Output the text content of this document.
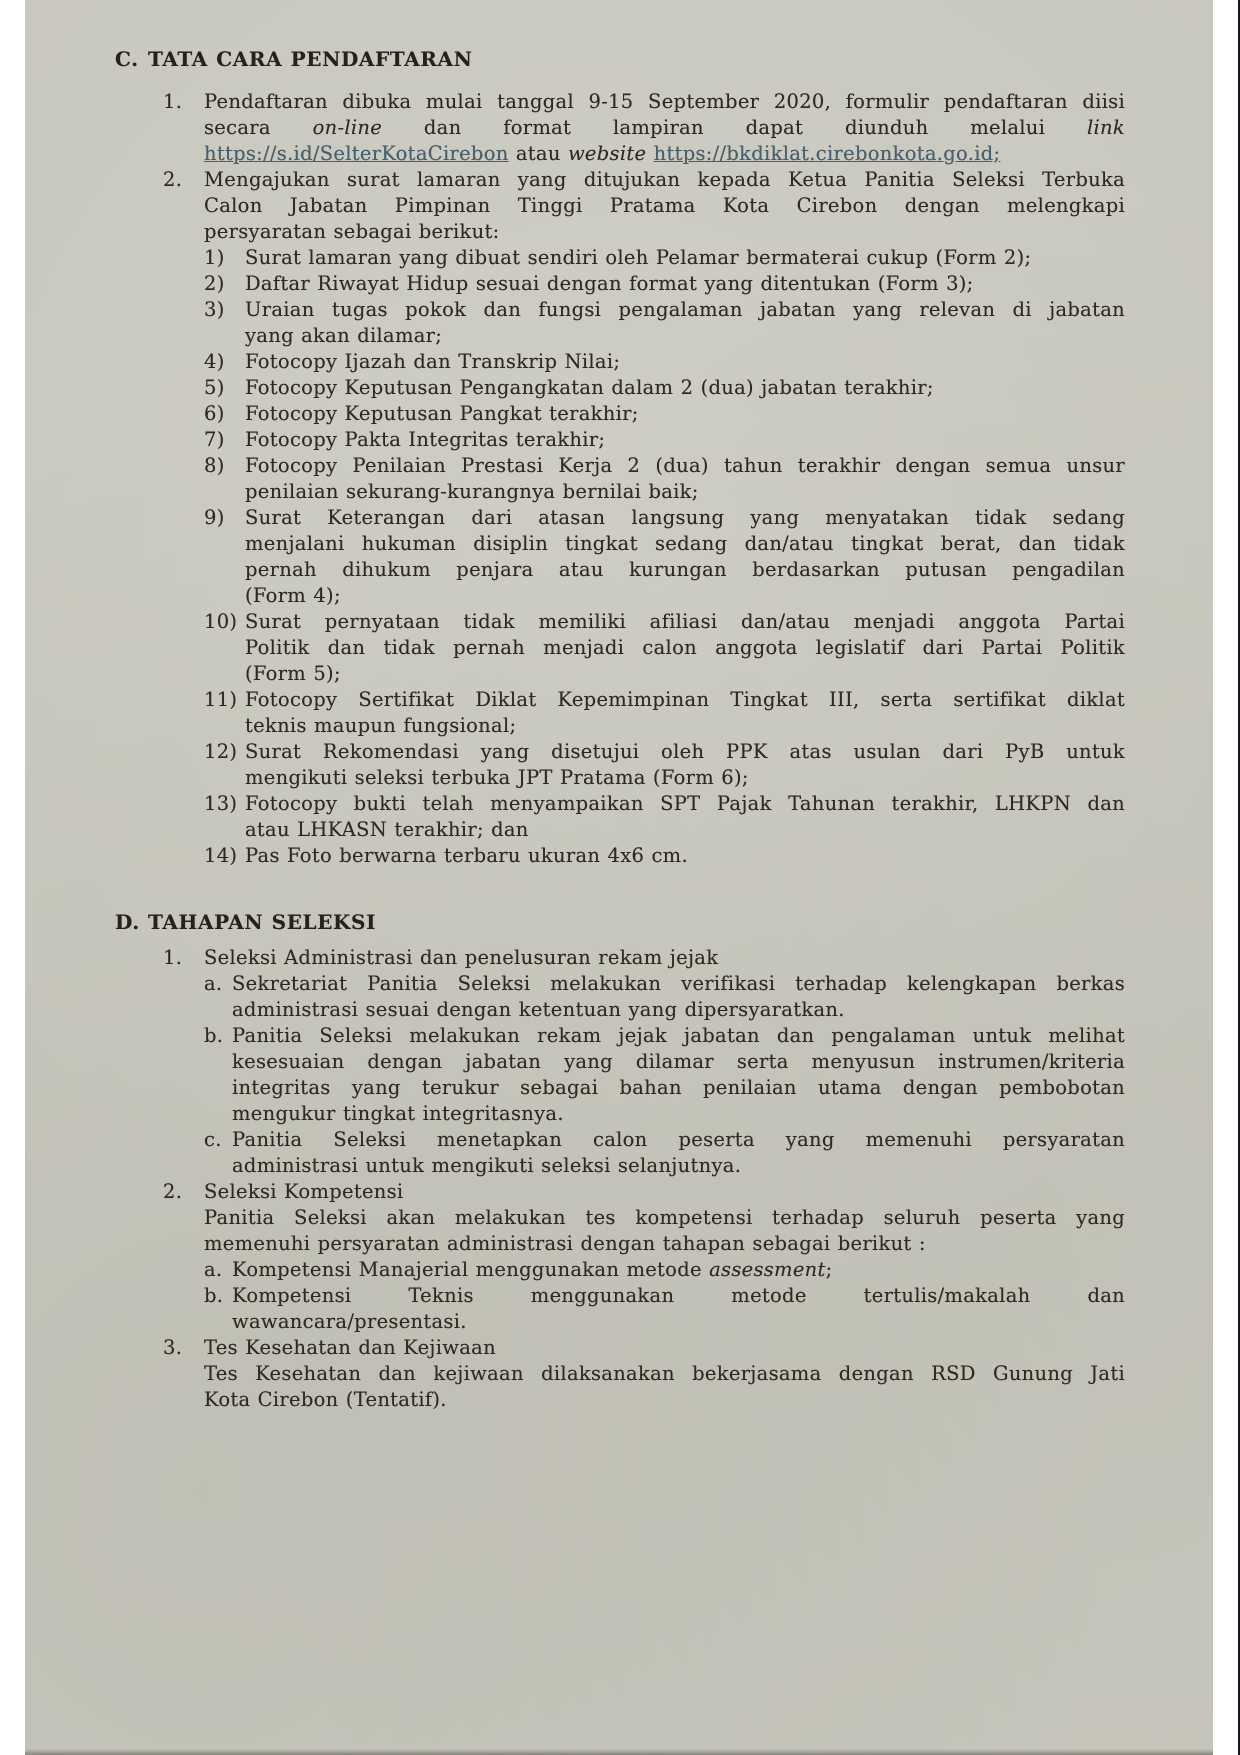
C. TATA CARA PENDAFTARAN
1.	Pendaftaran dibuka mulai tanggal 9-15 September 2020, formulir pendaftaran diisi
secara on-line dan format lampiran dapat diunduh melalui link
https://s.id/SelterKotaCirebon atau website https://bkdiklat.cirebonkota.go.id;
2.	Mengajukan surat lamaran yang ditujukan kepada Ketua Panitia Seleksi Terbuka
Calon Jabatan Pimpinan Tinggi Pratama Kota Cirebon dengan melengkapi
persyaratan sebagai berikut:
1)	Surat lamaran yang dibuat sendiri oleh Pelamar bermaterai cukup (Form 2);
2)	Daftar Riwayat Hidup sesuai dengan format yang ditentukan (Form 3);
3)	Uraian tugas pokok dan fungsi pengalaman jabatan yang relevan di jabatan
yang akan dilamar;
4)	Fotocopy Ijazah dan Transkrip Nilai;
5)	Fotocopy Keputusan Pengangkatan dalam 2 (dua) jabatan terakhir;
6)	Fotocopy Keputusan Pangkat terakhir;
7)	Fotocopy Pakta Integritas terakhir;
8)	Fotocopy Penilaian Prestasi Kerja 2 (dua) tahun terakhir dengan semua unsur
penilaian sekurang-kurangnya bernilai baik;
9)	Surat Keterangan dari atasan langsung yang menyatakan tidak sedang
menjalani hukuman disiplin tingkat sedang dan/atau tingkat berat, dan tidak
pernah dihukum penjara atau kurungan berdasarkan putusan pengadilan
(Form 4);
10) Surat pernyataan tidak memiliki afiliasi dan/atau menjadi anggota Partai
Politik dan tidak pernah menjadi calon anggota legislatif dari Partai Politik
(Form 5);
11) Fotocopy Sertifikat Diklat Kepemimpinan Tingkat III, serta sertifikat diklat
teknis maupun fungsional;
12) Surat Rekomendasi yang disetujui oleh PPK atas usulan dari PyB untuk
mengikuti seleksi terbuka JPT Pratama (Form 6);
13) Fotocopy bukti telah menyampaikan SPT Pajak Tahunan terakhir, LHKPN dan
atau LHKASN terakhir; dan
14) Pas Foto berwarna terbaru ukuran 4x6 cm.
D. TAHAPAN SELEKSI
1.	Seleksi Administrasi dan penelusuran rekam jejak
a. Sekretariat Panitia Seleksi melakukan verifikasi terhadap kelengkapan berkas
administrasi sesuai dengan ketentuan yang dipersyaratkan.
b. Panitia Seleksi melakukan rekam jejak jabatan dan pengalaman untuk melihat
kesesuaian dengan jabatan yang dilamar serta menyusun instrumen/kriteria
integritas yang terukur sebagai bahan penilaian utama dengan pembobotan
mengukur tingkat integritasnya.
c. Panitia Seleksi menetapkan calon peserta yang memenuhi persyaratan
administrasi untuk mengikuti seleksi selanjutnya.
2.	Seleksi Kompetensi
Panitia Seleksi akan melakukan tes kompetensi terhadap seluruh peserta yang
memenuhi persyaratan administrasi dengan tahapan sebagai berikut :
a. Kompetensi Manajerial menggunakan metode assessment;
b. Kompetensi Teknis menggunakan metode tertulis/makalah dan
wawancara/presentasi.
3.	Tes Kesehatan dan Kejiwaan
Tes Kesehatan dan kejiwaan dilaksanakan bekerjasama dengan RSD Gunung Jati
Kota Cirebon (Tentatif).
